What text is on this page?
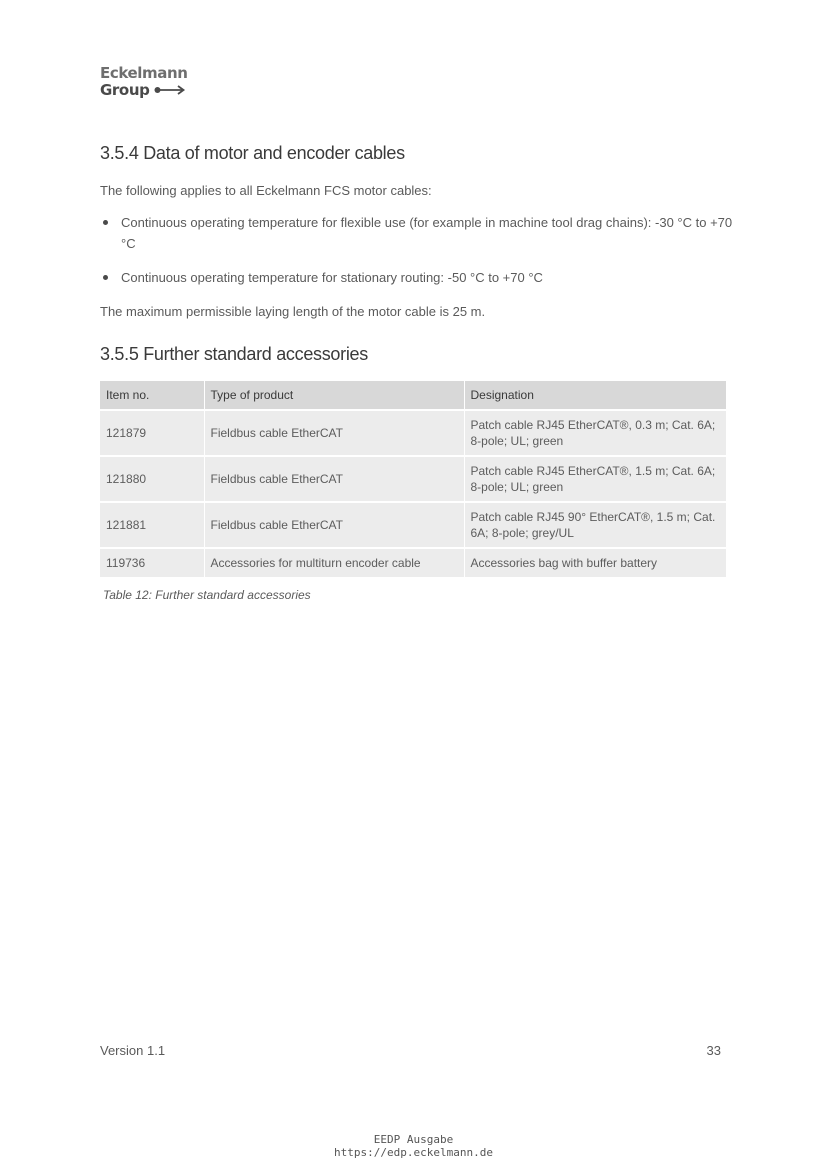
Eckelmann
Group
3.5.4 Data of motor and encoder cables

The following applies to all Eckelmann FCS motor cables:

Continuous operating temperature for flexible use (for example in machine tool drag chains): -30 °C to +70 °C
Continuous operating temperature for stationary routing: -50 °C to +70 °C

The maximum permissible laying length of the motor cable is 25 m.

3.5.5 Further standard accessories
Item no.	Type of product	Designation
121879	Fieldbus cable EtherCAT	Patch cable RJ45 EtherCAT®, 0.3 m; Cat. 6A; 8-pole; UL; green
121880	Fieldbus cable EtherCAT	Patch cable RJ45 EtherCAT®, 1.5 m; Cat. 6A; 8-pole; UL; green
121881	Fieldbus cable EtherCAT	Patch cable RJ45 90° EtherCAT®, 1.5 m; Cat. 6A; 8-pole; grey/UL
119736	Accessories for multiturn encoder cable	Accessories bag with buffer battery
Table 12: Further standard accessories
Version 1.1	33
EEDP Ausgabe
https://edp.eckelmann.de
